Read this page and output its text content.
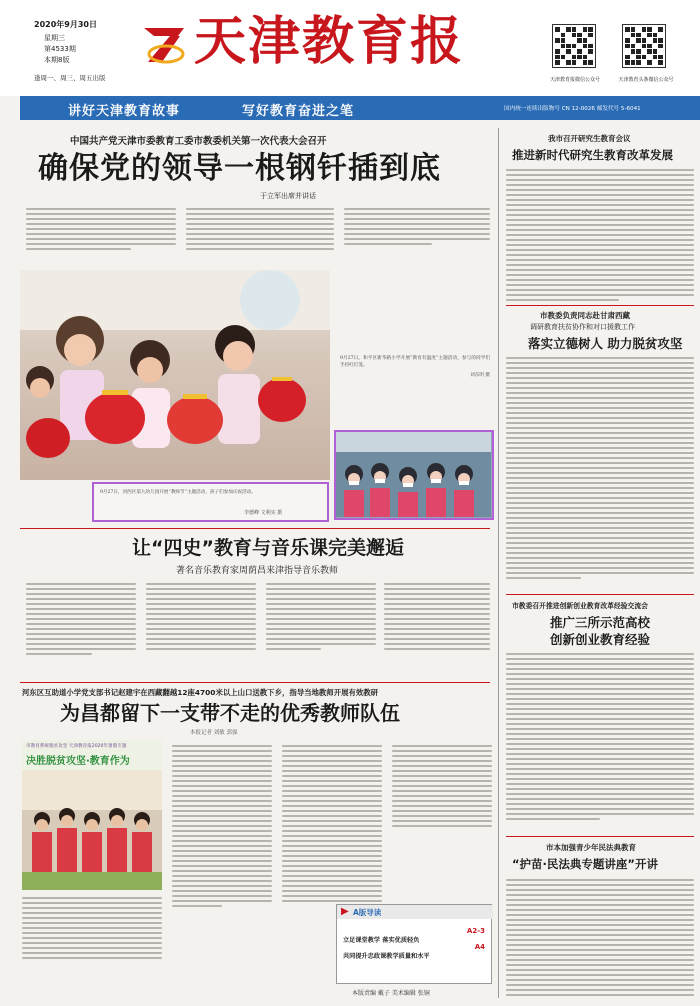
2020年9月30日
星期三
第4533期
本期8版
逢周一、周三、周五出版
天津教育报
天津教育报微信公众号	天津教育头条微信公众号
讲好天津教育故事	写好教育奋进之笔	国内统一连续出版物号 CN 12-0026 邮发代号 5-6041
中国共产党天津市委教育工委市教委机关第一次代表大会召开
确保党的领导一根钢钎插到底
于立军出席并讲话
9月27日，和平区新华路小学开展“教育有温度”主题活动，参与的同学们手持红灯笼。
刘东明 摄
9月27日，河西区第九幼儿园开展“教师节”主题活动，孩子们参加庆祝活动。
李德峰 文利实 摄
让“四史”教育与音乐课完美邂逅
著名音乐教育家周荫昌来津指导音乐教师
河东区互助道小学党支部书记赵建宇在西藏翻越12座4700米以上山口送教下乡，指导当地教师开展有效教研
为昌都留下一支带不走的优秀教师队伍
本报记者 刘敏 郭强
市教育系统脱贫攻坚 天津教育报2020年暑假专题
决胜脱贫攻坚·教育作为
▶ A版导读
立足课堂教学 落实优质轻负
A2-3
共同提升忠政课教学质量和水平
A4
本版责编 戴子 美术编辑 张铜
我市召开研究生教育会议
推进新时代研究生教育改革发展
市教委负责同志赴甘肃西藏
调研教育扶贫协作和对口援教工作
落实立德树人 助力脱贫攻坚
市教委召开推进创新创业教育改革经验交流会
推广三所示范高校
创新创业教育经验
市本加强青少年民法典教育
“护苗·民法典专题讲座”开讲
